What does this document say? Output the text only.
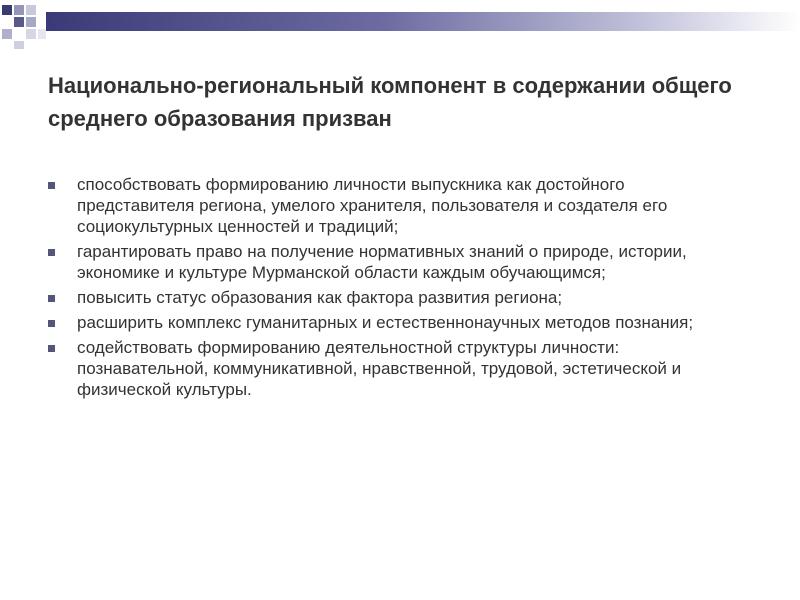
Национально-региональный компонент в содержании общего среднего образования призван
способствовать формированию личности выпускника как достойного представителя региона, умелого хранителя, пользователя и создателя его социокультурных ценностей и традиций;
гарантировать право на получение нормативных знаний о природе, истории, экономике и культуре Мурманской области каждым обучающимся;
повысить статус образования как фактора развития региона;
расширить комплекс гуманитарных и естественнонаучных методов познания;
содействовать формированию деятельностной структуры личности: познавательной, коммуникативной, нравственной, трудовой, эстетической и физической культуры.
